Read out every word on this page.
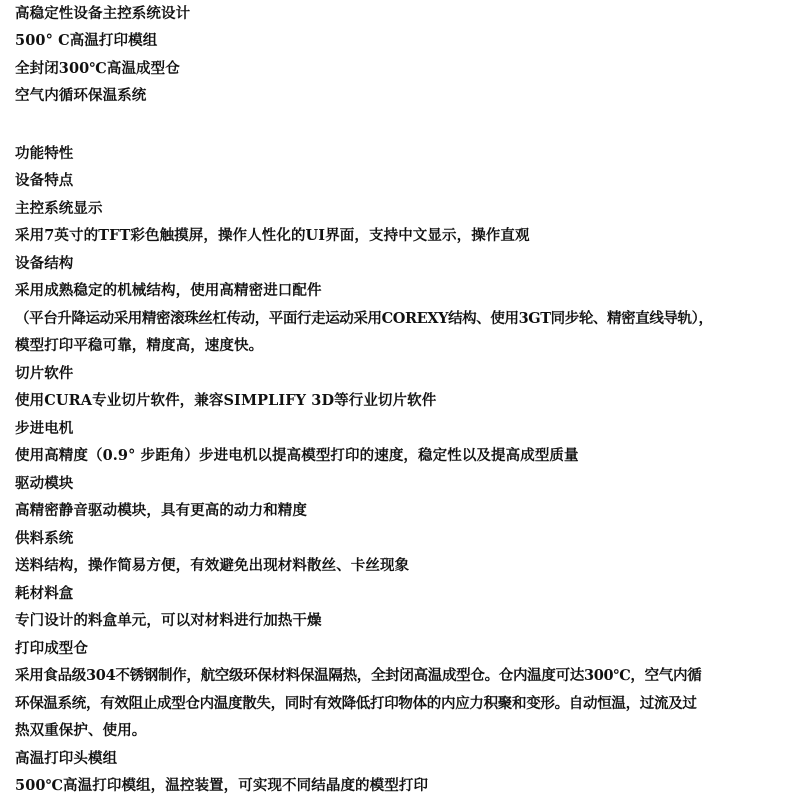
高稳定性设备主控系统设计
500° C高温打印模组
全封闭300℃高温成型仓
空气内循环保温系统
功能特性
设备特点
主控系统显示
采用7英寸的TFT彩色触摸屏，操作人性化的UI界面，支持中文显示，操作直观
设备结构
采用成熟稳定的机械结构，使用高精密进口配件
（平台升降运动采用精密滚珠丝杠传动，平面行走运动采用COREXY结构、使用3GT同步轮、精密直线导轨），
模型打印平稳可靠，精度高，速度快。
切片软件
使用CURA专业切片软件，兼容SIMPLIFY 3D等行业切片软件
步进电机
使用高精度（0.9° 步距角）步进电机以提高模型打印的速度，稳定性以及提高成型质量
驱动模块
高精密静音驱动模块，具有更高的动力和精度
供料系统
送料结构，操作简易方便，有效避免出现材料散丝、卡丝现象
耗材料盒
专门设计的料盒单元，可以对材料进行加热干燥
打印成型仓
采用食品级304不锈钢制作，航空级环保材料保温隔热，全封闭高温成型仓。仓内温度可达300℃，空气内循
环保温系统，有效阻止成型仓内温度散失，同时有效降低打印物体的内应力积聚和变形。自动恒温，过流及过
热双重保护、使用。
高温打印头模组
500℃高温打印模组，温控装置，可实现不同结晶度的模型打印
